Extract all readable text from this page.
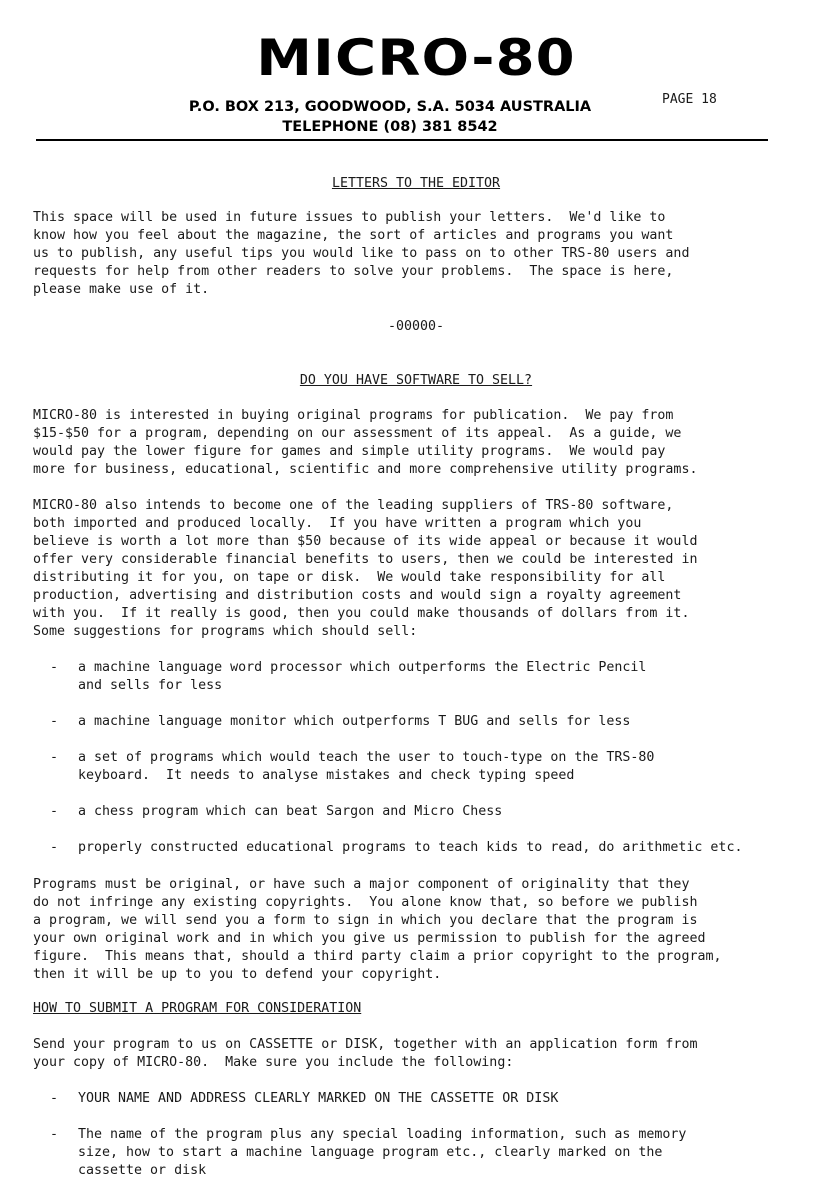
MICRO-80
P.O. BOX 213, GOODWOOD, S.A. 5034 AUSTRALIA
TELEPHONE (08) 381 8542
PAGE 18
LETTERS TO THE EDITOR
This space will be used in future issues to publish your letters.  We'd like to
know how you feel about the magazine, the sort of articles and programs you want
us to publish, any useful tips you would like to pass on to other TRS-80 users and
requests for help from other readers to solve your problems.  The space is here,
please make use of it.
-00000-
DO YOU HAVE SOFTWARE TO SELL?
MICRO-80 is interested in buying original programs for publication.  We pay from
$15-$50 for a program, depending on our assessment of its appeal.  As a guide, we
would pay the lower figure for games and simple utility programs.  We would pay
more for business, educational, scientific and more comprehensive utility programs.
MICRO-80 also intends to become one of the leading suppliers of TRS-80 software,
both imported and produced locally.  If you have written a program which you
believe is worth a lot more than $50 because of its wide appeal or because it would
offer very considerable financial benefits to users, then we could be interested in
distributing it for you, on tape or disk.  We would take responsibility for all
production, advertising and distribution costs and would sign a royalty agreement
with you.  If it really is good, then you could make thousands of dollars from it.
Some suggestions for programs which should sell:
- a machine language word processor which outperforms the Electric Pencil
and sells for less
- a machine language monitor which outperforms T BUG and sells for less
- a set of programs which would teach the user to touch-type on the TRS-80
keyboard.  It needs to analyse mistakes and check typing speed
- a chess program which can beat Sargon and Micro Chess
- properly constructed educational programs to teach kids to read, do arithmetic etc.
Programs must be original, or have such a major component of originality that they
do not infringe any existing copyrights.  You alone know that, so before we publish
a program, we will send you a form to sign in which you declare that the program is
your own original work and in which you give us permission to publish for the agreed
figure.  This means that, should a third party claim a prior copyright to the program,
then it will be up to you to defend your copyright.
HOW TO SUBMIT A PROGRAM FOR CONSIDERATION
Send your program to us on CASSETTE or DISK, together with an application form from
your copy of MICRO-80.  Make sure you include the following:
- YOUR NAME AND ADDRESS CLEARLY MARKED ON THE CASSETTE OR DISK
- The name of the program plus any special loading information, such as memory
size, how to start a machine language program etc., clearly marked on the
cassette or disk
